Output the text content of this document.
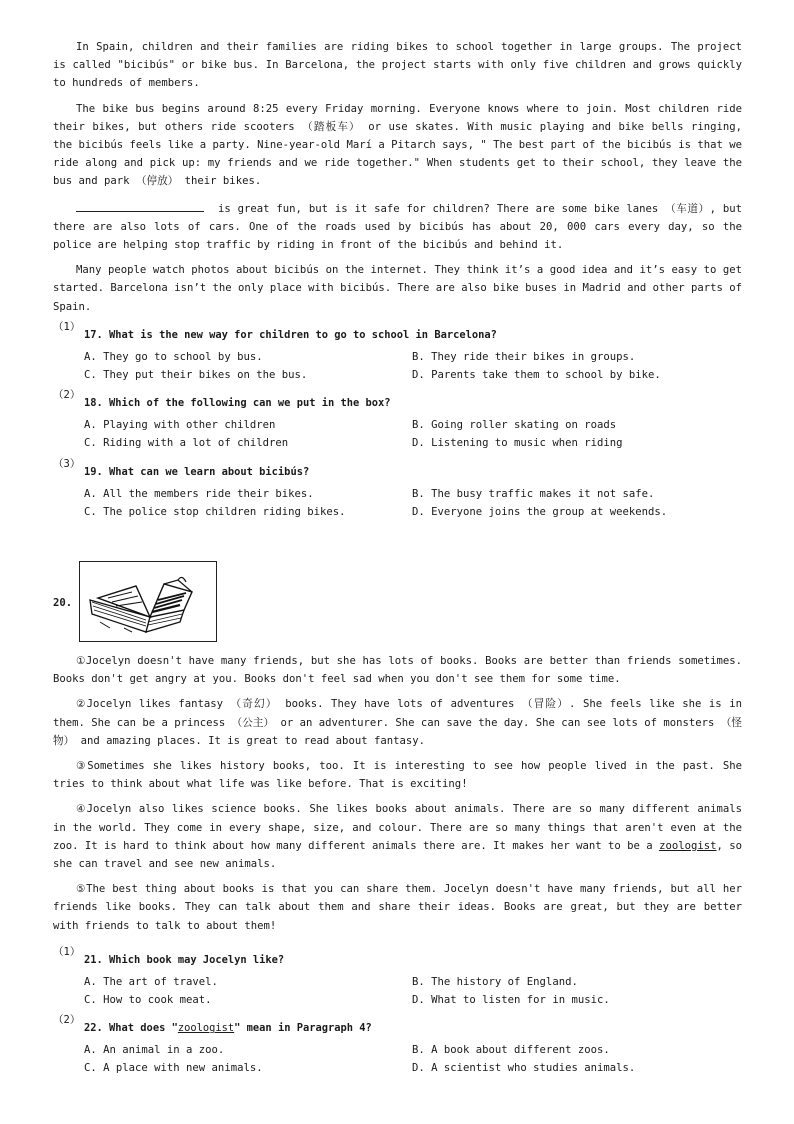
In Spain, children and their families are riding bikes to school together in large groups. The project is called "bicibús" or bike bus. In Barcelona, the project starts with only five children and grows quickly to hundreds of members.

The bike bus begins around 8:25 every Friday morning. Everyone knows where to join. Most children ride their bikes, but others ride scooters （踏板车） or use skates. With music playing and bike bells ringing, the bicibús feels like a party. Nine-year-old Marí a Pitarch says, " The best part of the bicibús is that we ride along and pick up: my friends and we ride together." When students get to their school, they leave the bus and park （停放） their bikes.

is great fun, but is it safe for children? There are some bike lanes （车道）, but there are also lots of cars. One of the roads used by bicibús has about 20, 000 cars every day, so the police are helping stop traffic by riding in front of the bicibús and behind it.

Many people watch photos about bicibús on the internet. They think it’s a good idea and it’s easy to get started. Barcelona isn’t the only place with bicibús. There are also bike buses in Madrid and other parts of Spain.

（1）
17. What is the new way for children to go to school in Barcelona?
A. They go to school by bus.	B. They ride their bikes in groups.
C. They put their bikes on the bus.	D. Parents take them to school by bike.
（2）
18. Which of the following can we put in the box?
A. Playing with other children	B. Going roller skating on roads
C. Riding with a lot of children	D. Listening to music when riding
（3）
19. What can we learn about bicibús?
A. All the members ride their bikes.	B. The busy traffic makes it not safe.
C. The police stop children riding bikes.	D. Everyone joins the group at weekends.
20.

①Jocelyn doesn't have many friends, but she has lots of books. Books are better than friends sometimes. Books don't get angry at you. Books don't feel sad when you don't see them for some time.

②Jocelyn likes fantasy （奇幻） books. They have lots of adventures （冒险）. She feels like she is in them. She can be a princess （公主） or an adventurer. She can save the day. She can see lots of monsters （怪物） and amazing places. It is great to read about fantasy.

③Sometimes she likes history books, too. It is interesting to see how people lived in the past. She tries to think about what life was like before. That is exciting!

④Jocelyn also likes science books. She likes books about animals. There are so many different animals in the world. They come in every shape, size, and colour. There are so many things that aren't even at the zoo. It is hard to think about how many different animals there are. It makes her want to be a zoologist, so she can travel and see new animals.

⑤The best thing about books is that you can share them. Jocelyn doesn't have many friends, but all her friends like books. They can talk about them and share their ideas. Books are great, but they are better with friends to talk to about them!

（1）
21. Which book may Jocelyn like?
A. The art of travel.	B. The history of England.
C. How to cook meat.	D. What to listen for in music.
（2）
22. What does "zoologist" mean in Paragraph 4?
A. An animal in a zoo.	B. A book about different zoos.
C. A place with new animals.	D. A scientist who studies animals.
